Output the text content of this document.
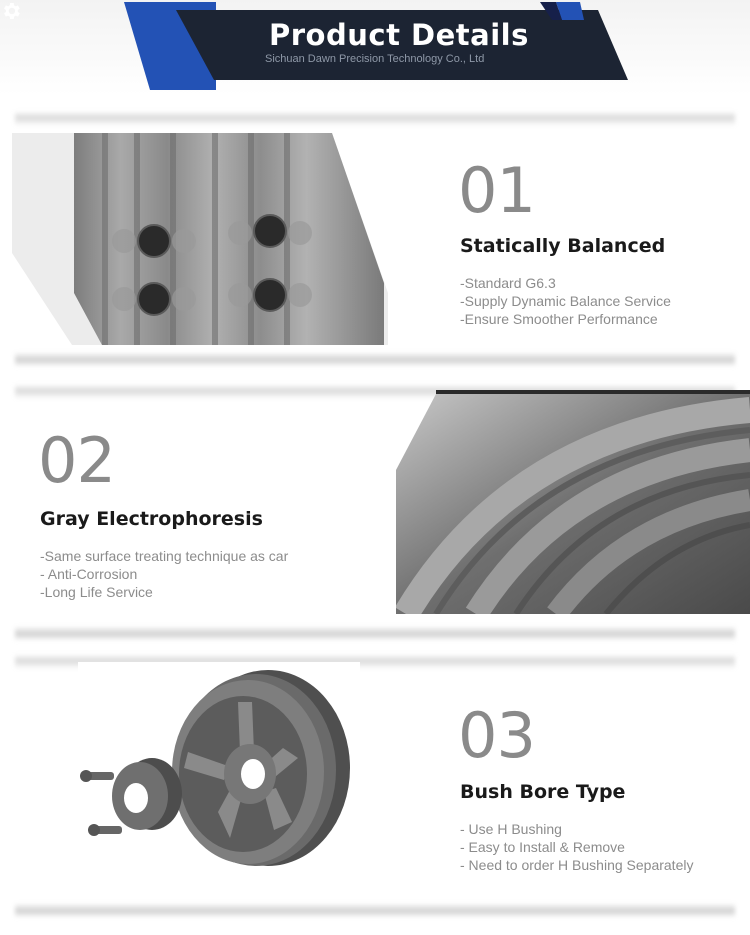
Product Details
Sichuan Dawn Precision Technology Co., Ltd
01
Statically Balanced
-Standard G6.3
-Supply Dynamic Balance Service
-Ensure Smoother Performance
02
Gray Electrophoresis
-Same surface treating technique as car
- Anti-Corrosion
-Long Life Service
03
Bush Bore Type
- Use H Bushing
- Easy to Install & Remove
- Need to order H Bushing Separately
